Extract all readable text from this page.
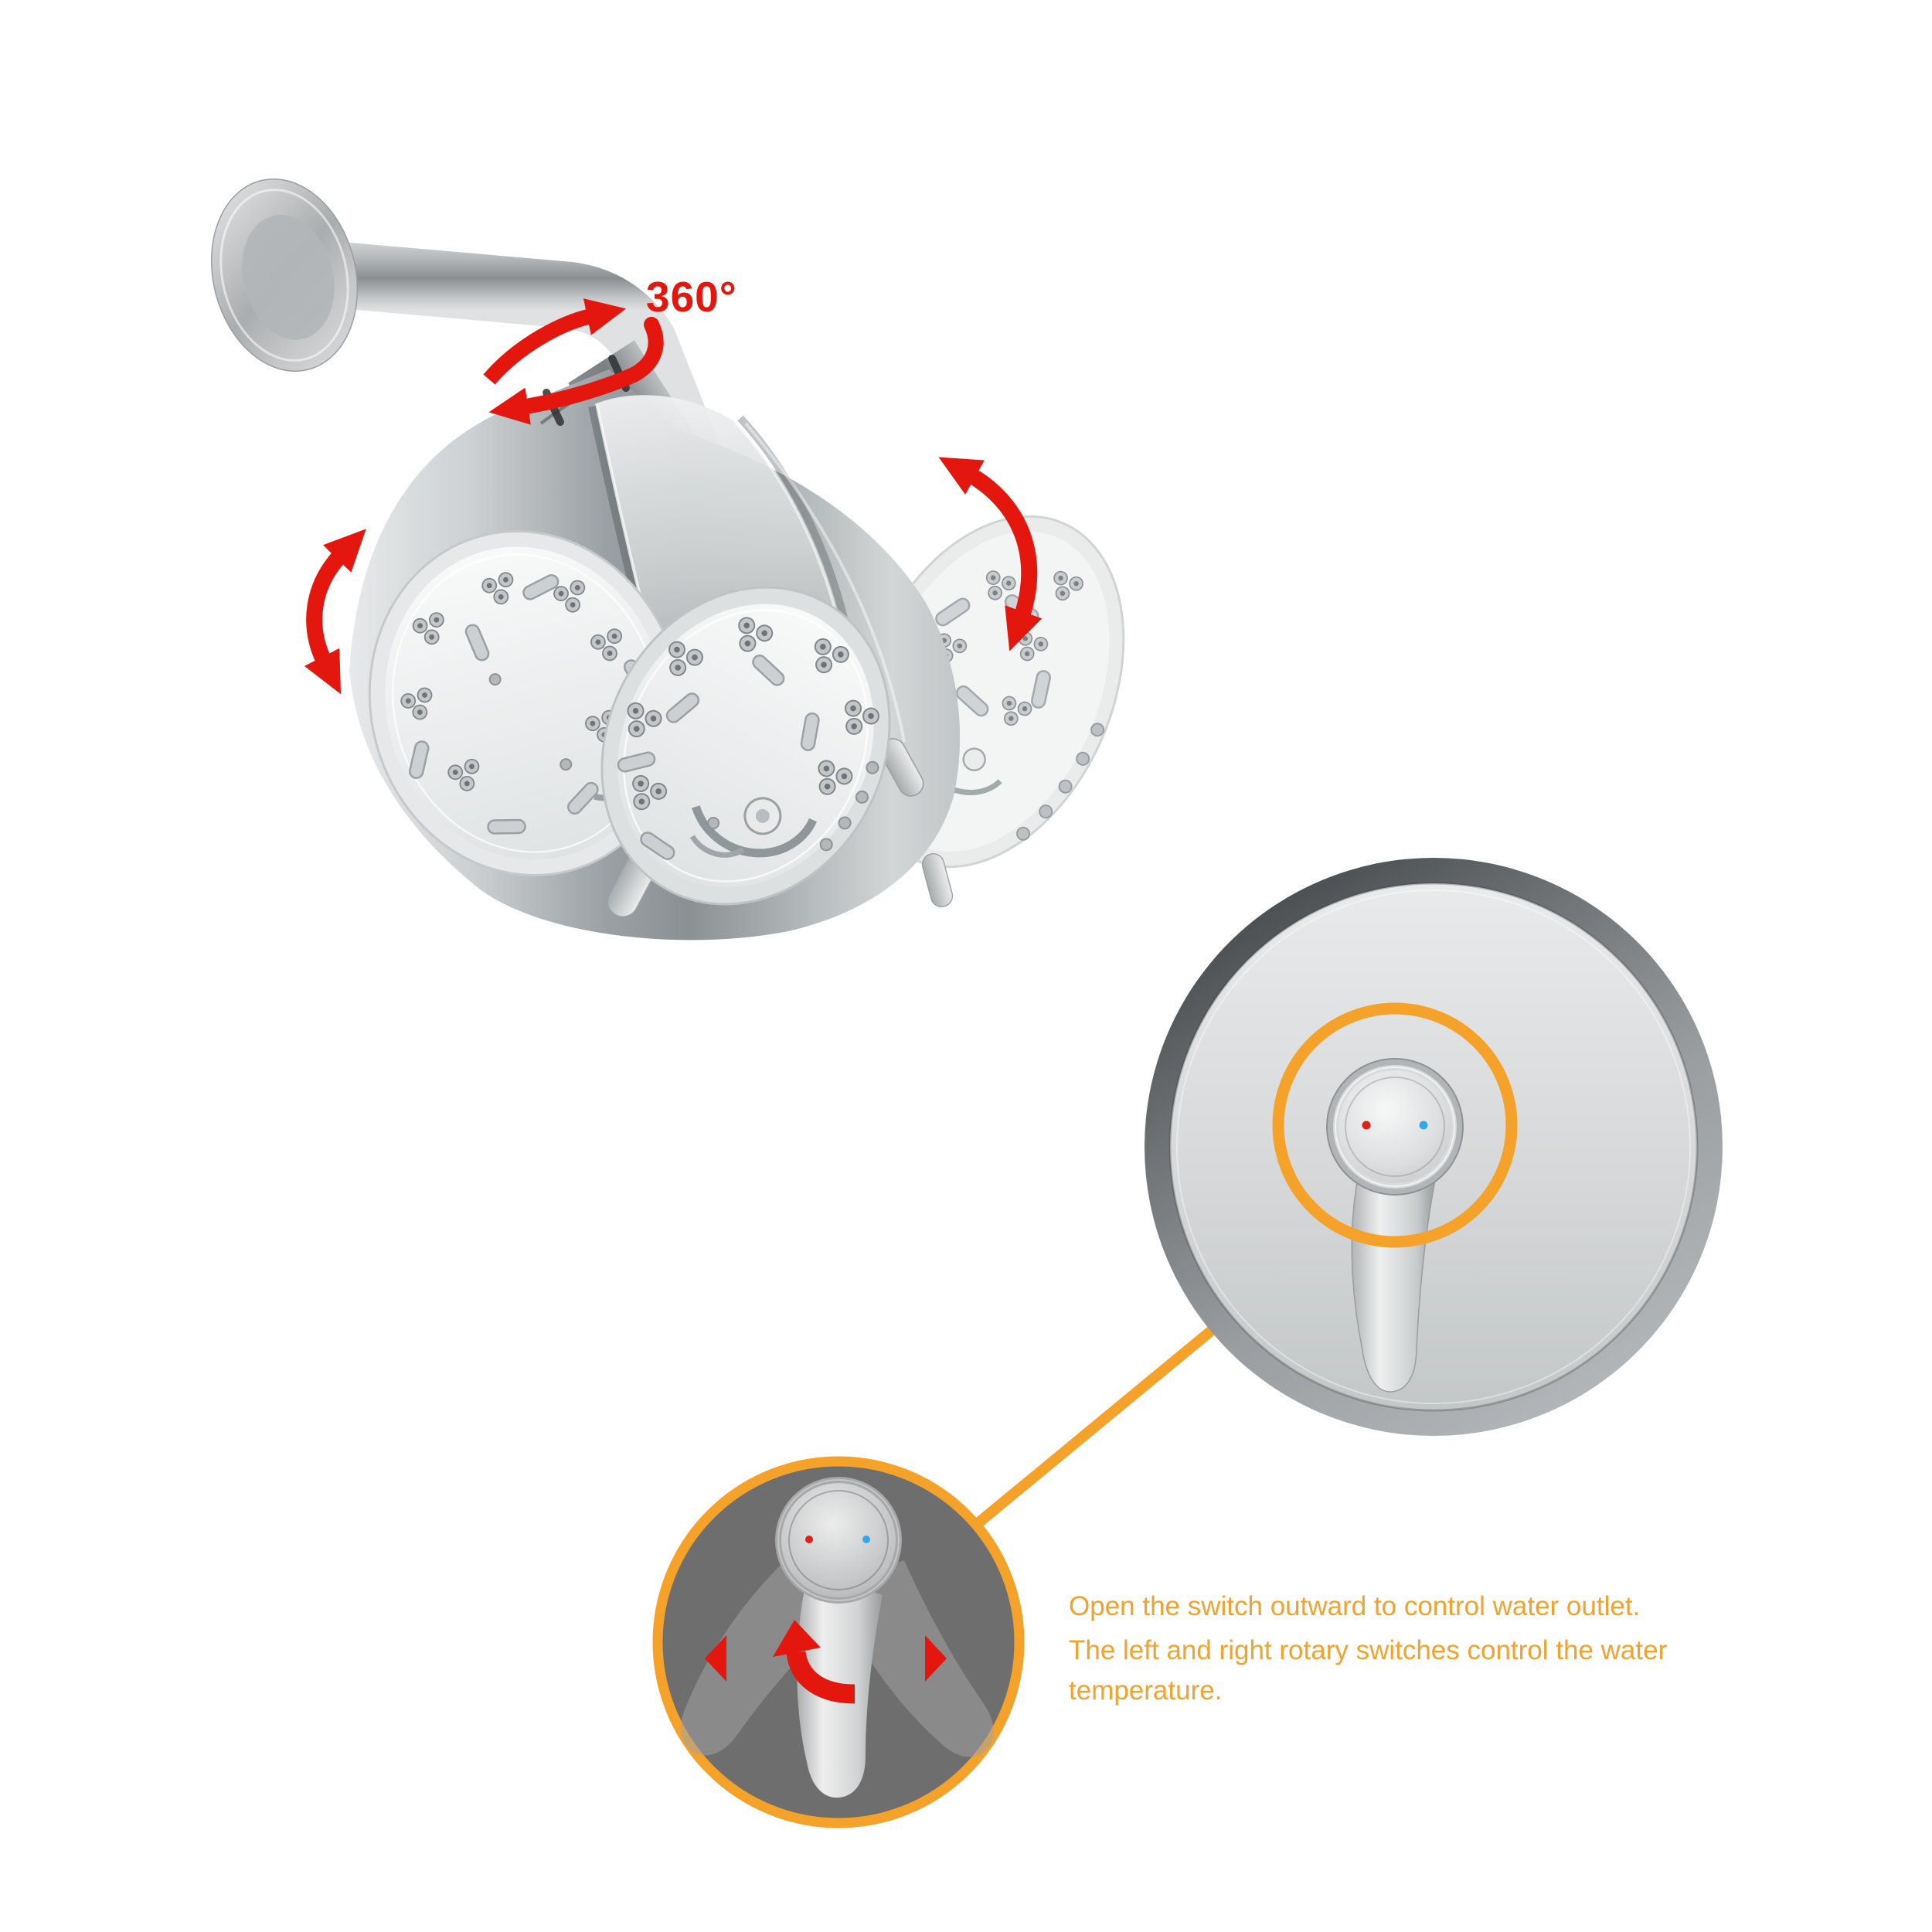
360°

Open the switch outward to control water outlet.

The left and right rotary switches control the water temperature.
